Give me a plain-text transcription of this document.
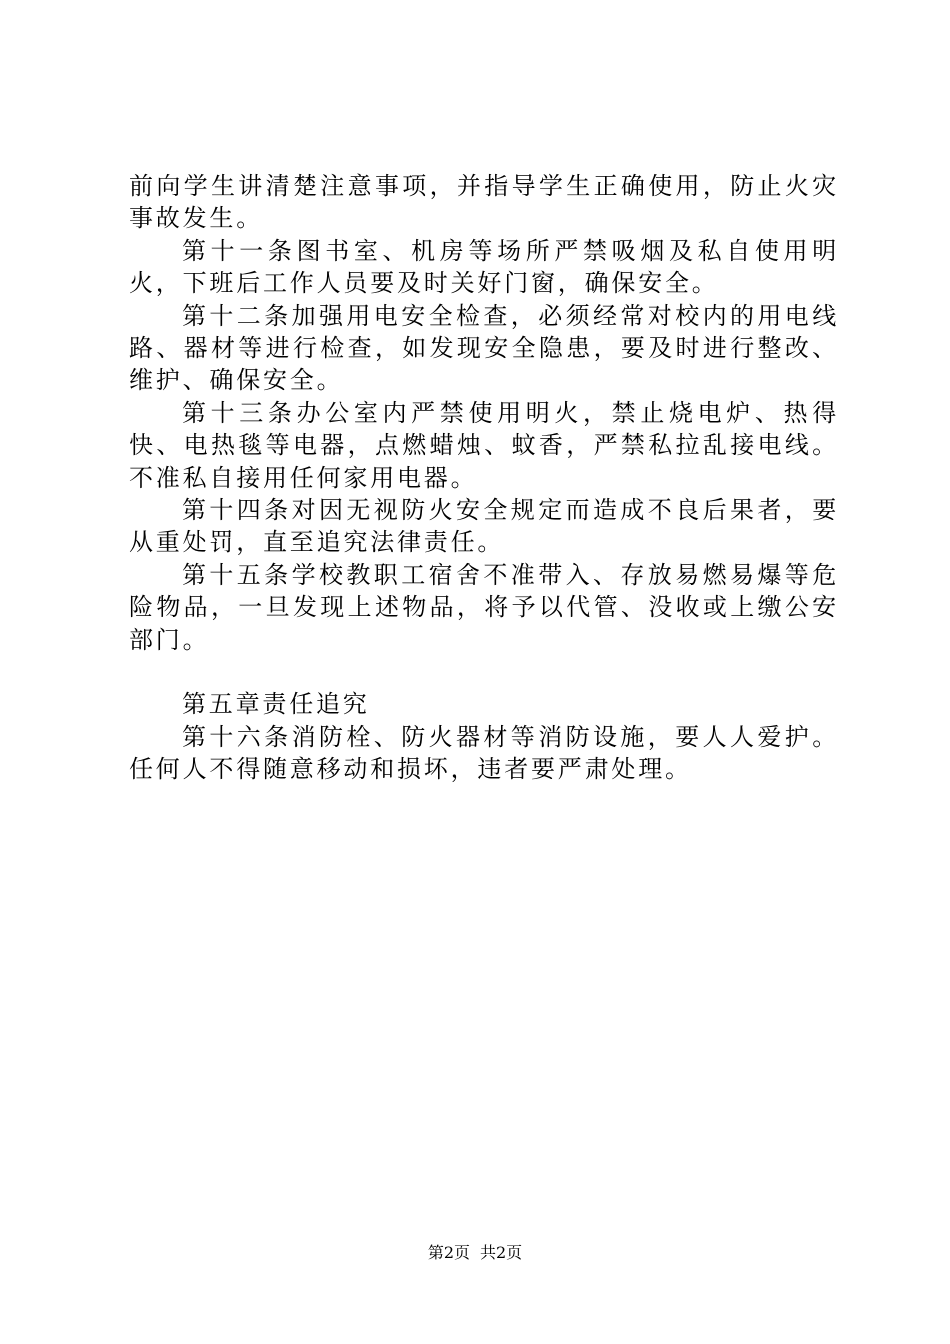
前向学生讲清楚注意事项，并指导学生正确使用，防止火灾事故发生。

第十一条图书室、机房等场所严禁吸烟及私自使用明火，下班后工作人员要及时关好门窗，确保安全。

第十二条加强用电安全检查，必须经常对校内的用电线路、器材等进行检查，如发现安全隐患，要及时进行整改、维护、确保安全。

第十三条办公室内严禁使用明火，禁止烧电炉、热得快、电热毯等电器，点燃蜡烛、蚊香，严禁私拉乱接电线。不准私自接用任何家用电器。

第十四条对因无视防火安全规定而造成不良后果者，要从重处罚，直至追究法律责任。

第十五条学校教职工宿舍不准带入、存放易燃易爆等危险物品，一旦发现上述物品，将予以代管、没收或上缴公安部门。

第五章责任追究

第十六条消防栓、防火器材等消防设施，要人人爱护。任何人不得随意移动和损坏，违者要严肃处理。

第2页 共2页
